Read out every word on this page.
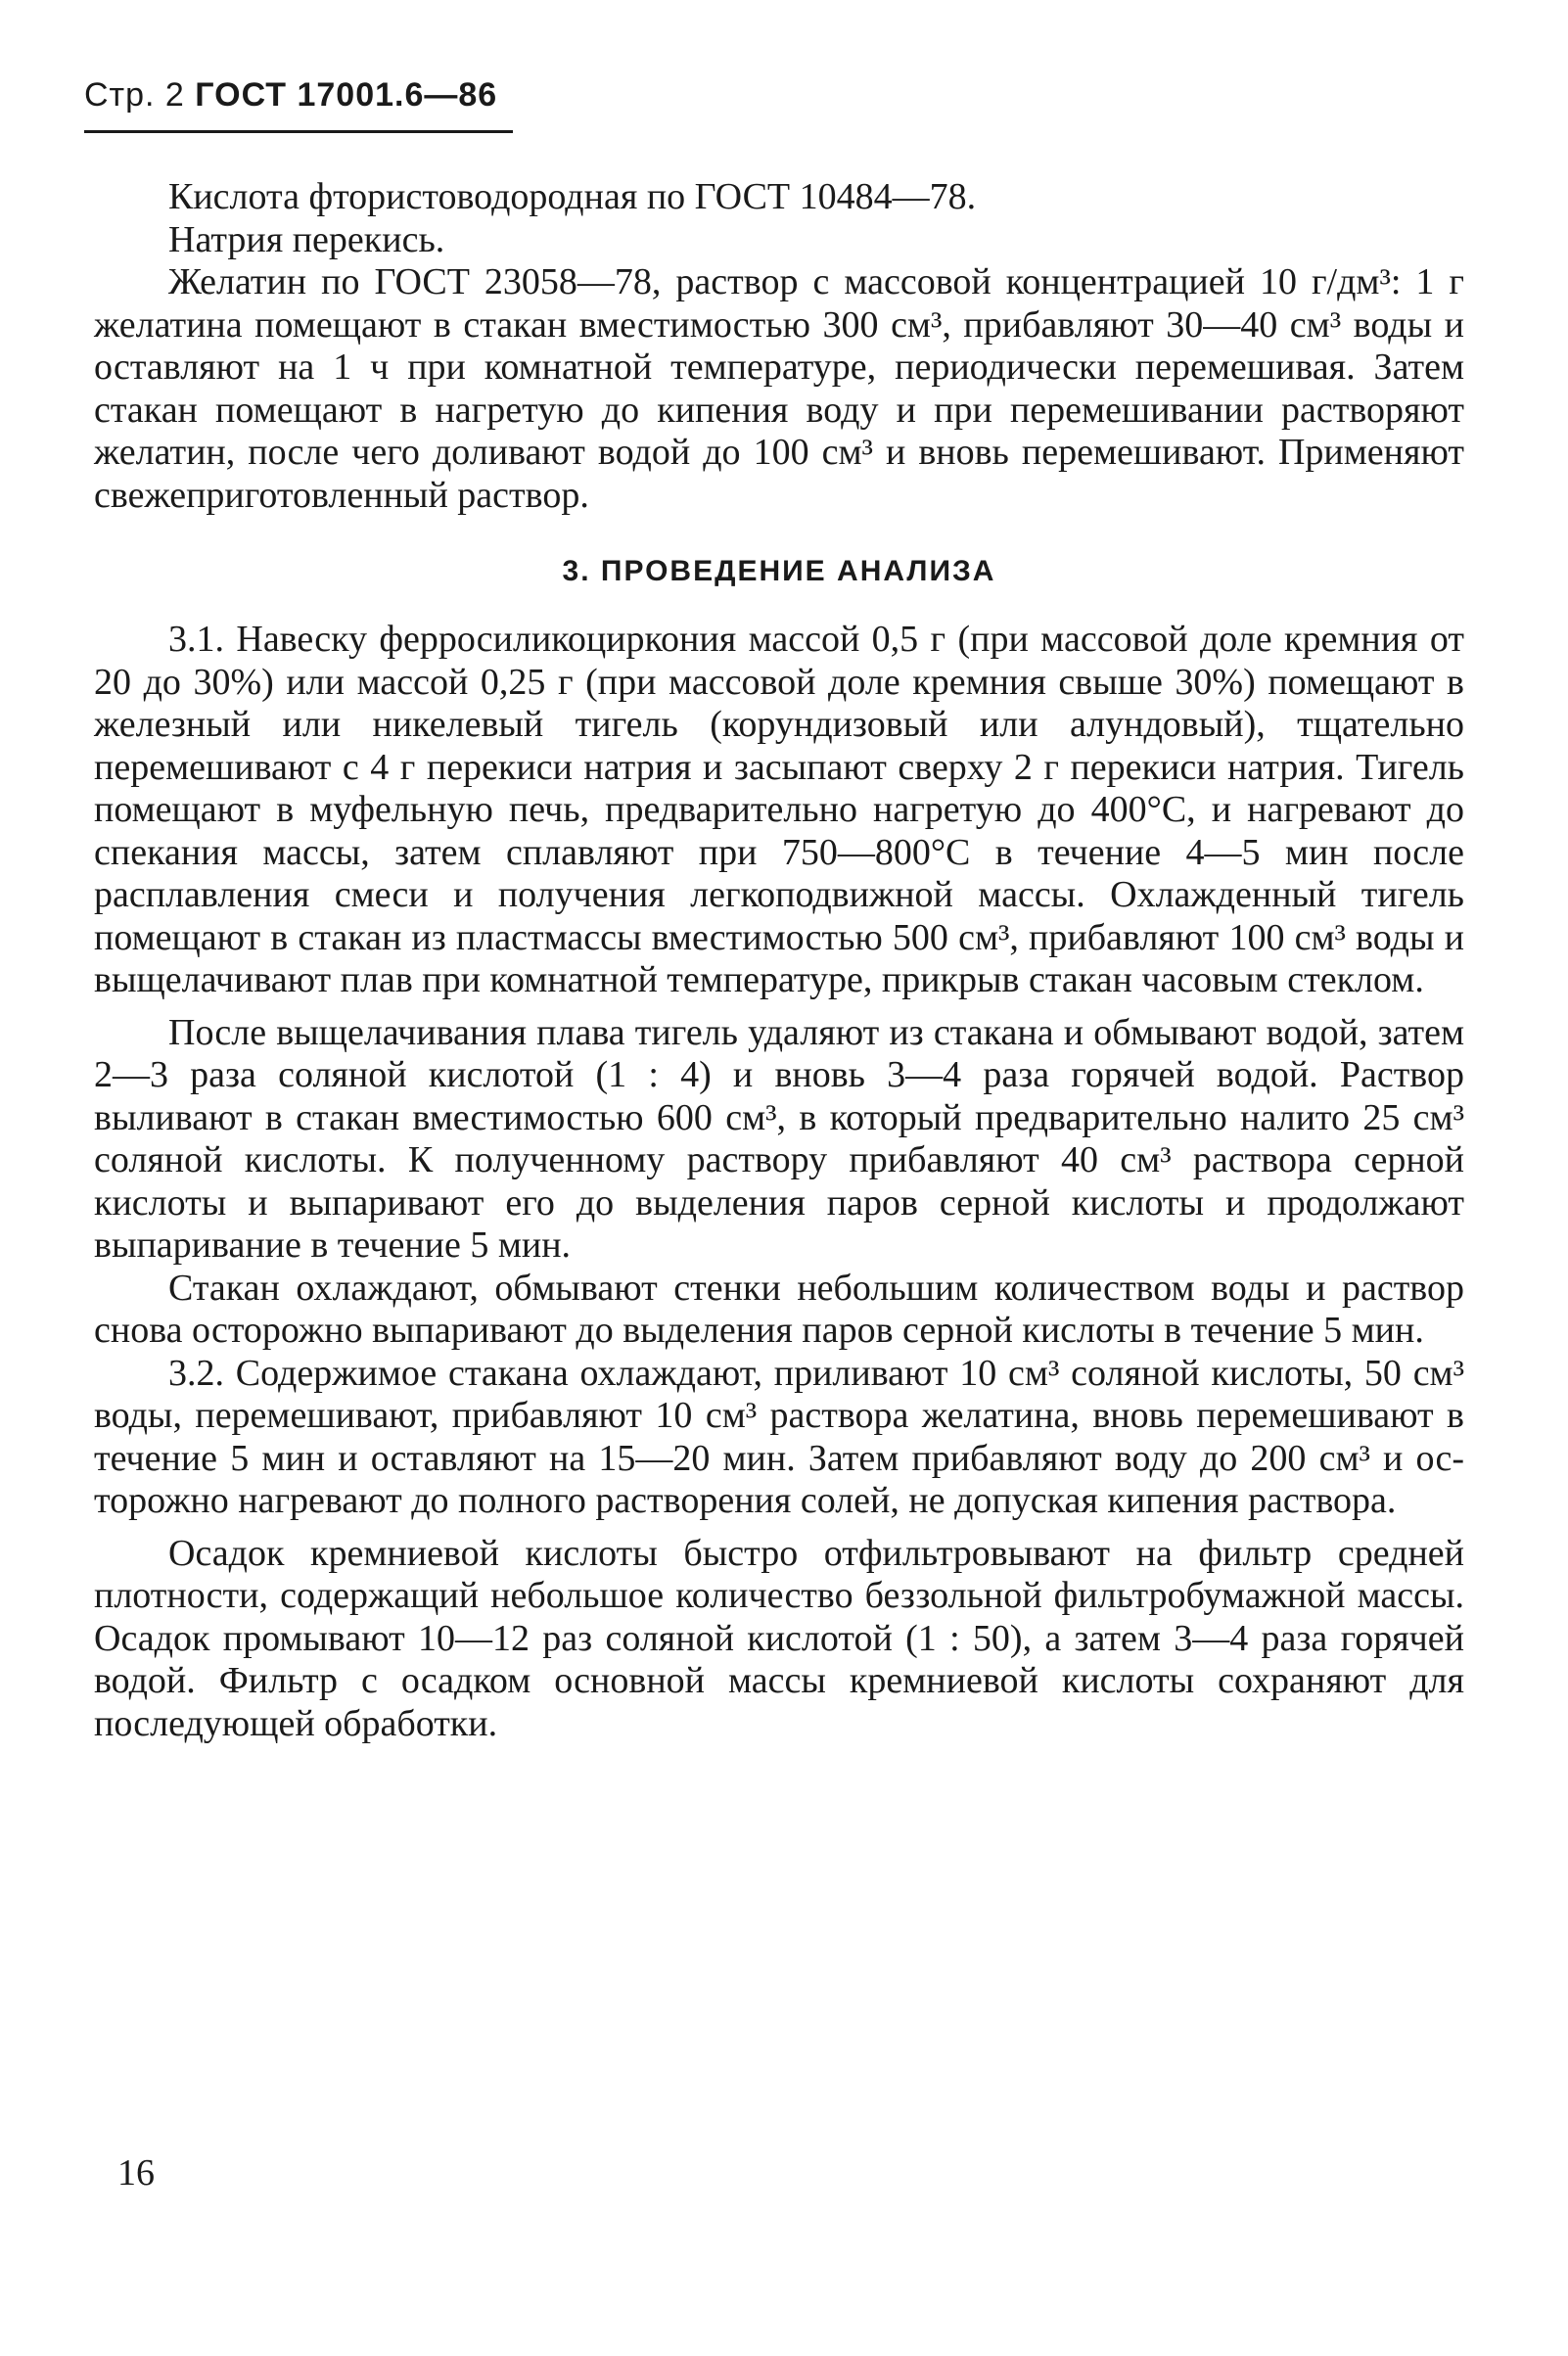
Стр. 2 ГОСТ 17001.6—86

Кислота фтористоводородная по ГОСТ 10484—78.

Натрия перекись.

Желатин по ГОСТ 23058—78, раствор с массовой концентрацией 10 г/дм³: 1 г желатина помещают в стакан вместимостью 300 см³, прибавляют 30—40 см³ воды и оставляют на 1 ч при комнатной температуре, периодически перемешивая. Затем стакан помещают в нагретую до кипения воду и при перемешивании растворяют желатин, после чего доливают водой до 100 см³ и вновь перемешивают. Применяют свежеприготовленный раствор.

3. ПРОВЕДЕНИЕ АНАЛИЗА

3.1. Навеску ферросиликоциркония массой 0,5 г (при массовой доле кремния от 20 до 30%) или массой 0,25 г (при массовой доле кремния свыше 30%) помещают в железный или никелевый тигель (корундизовый или алундовый), тщательно перемешивают с 4 г перекиси натрия и засыпают сверху 2 г перекиси натрия. Тигель помещают в муфельную печь, предварительно нагретую до 400°С, и нагревают до спекания массы, затем сплавляют при 750—800°С в течение 4—5 мин после расплавления смеси и получения легкоподвижной массы. Охлажденный тигель помещают в стакан из пластмассы вместимостью 500 см³, прибавляют 100 см³ воды и выщелачивают плав при комнатной температуре, прикрыв стакан часовым стеклом.

После выщелачивания плава тигель удаляют из стакана и обмывают водой, затем 2—3 раза соляной кислотой (1 : 4) и вновь 3—4 раза горячей водой. Раствор выливают в стакан вместимостью 600 см³, в который предварительно налито 25 см³ соляной кислоты. К полученному раствору прибавляют 40 см³ раствора серной кислоты и выпаривают его до выделения паров серной кислоты и продолжают выпаривание в течение 5 мин.

Стакан охлаждают, обмывают стенки небольшим количеством воды и раствор снова осторожно выпаривают до выделения паров серной кислоты в течение 5 мин.

3.2. Содержимое стакана охлаждают, приливают 10 см³ соляной кислоты, 50 см³ воды, перемешивают, прибавляют 10 см³ раствора желатина, вновь перемешивают в течение 5 мин и оставляют на 15—20 мин. Затем прибавляют воду до 200 см³ и осторожно нагревают до полного растворения солей, не допуская кипения раствора.

Осадок кремниевой кислоты быстро отфильтровывают на фильтр средней плотности, содержащий небольшое количество беззольной фильтробумажной массы. Осадок промывают 10—12 раз соляной кислотой (1 : 50), а затем 3—4 раза горячей водой. Фильтр с осадком основной массы кремниевой кислоты сохраняют для последующей обработки.

16
